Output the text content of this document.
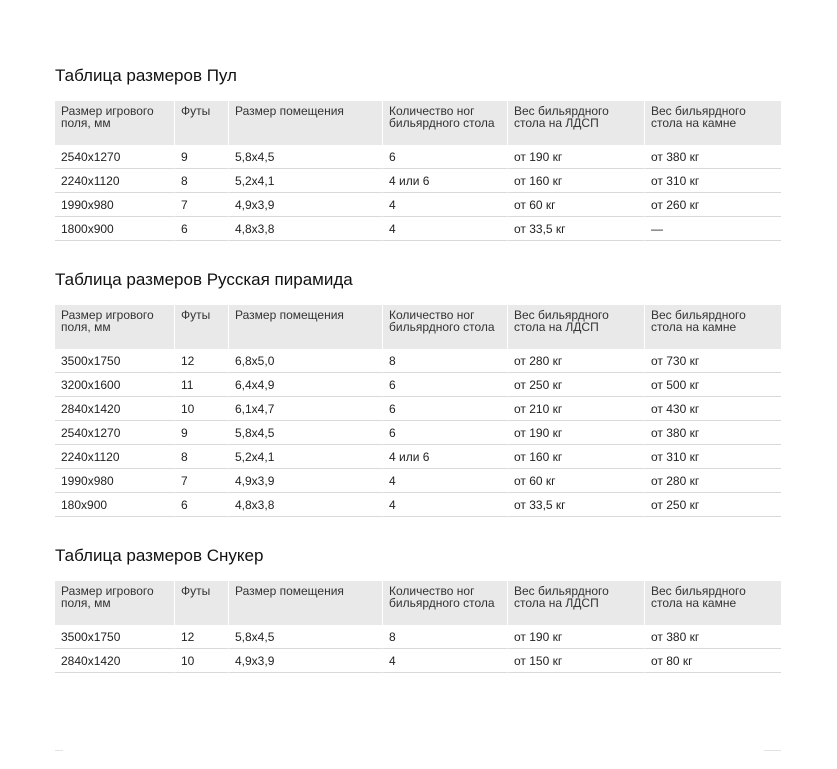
Таблица размеров Пул
Размер игрового поля, мм	Футы	Размер помещения	Количество ног бильярдного стола	Вес бильярдного стола на ЛДСП	Вес бильярдного стола на камне
2540х1270	9	5,8х4,5	6	от 190 кг	от 380 кг
2240х1120	8	5,2х4,1	4 или 6	от 160 кг	от 310 кг
1990х980	7	4,9х3,9	4	от 60 кг	от 260 кг
1800х900	6	4,8х3,8	4	от 33,5 кг	—
Таблица размеров Русская пирамида
Размер игрового поля, мм	Футы	Размер помещения	Количество ног бильярдного стола	Вес бильярдного стола на ЛДСП	Вес бильярдного стола на камне
3500х1750	12	6,8х5,0	8	от 280 кг	от 730 кг
3200х1600	11	6,4х4,9	6	от 250 кг	от 500 кг
2840х1420	10	6,1х4,7	6	от 210 кг	от 430 кг
2540х1270	9	5,8х4,5	6	от 190 кг	от 380 кг
2240х1120	8	5,2х4,1	4 или 6	от 160 кг	от 310 кг
1990х980	7	4,9х3,9	4	от 60 кг	от 280 кг
180х900	6	4,8х3,8	4	от 33,5 кг	от 250 кг
Таблица размеров Снукер
Размер игрового поля, мм	Футы	Размер помещения	Количество ног бильярдного стола	Вес бильярдного стола на ЛДСП	Вес бильярдного стола на камне
3500х1750	12	5,8х4,5	8	от 190 кг	от 380 кг
2840х1420	10	4,9х3,9	4	от 150 кг	от 80 кг
